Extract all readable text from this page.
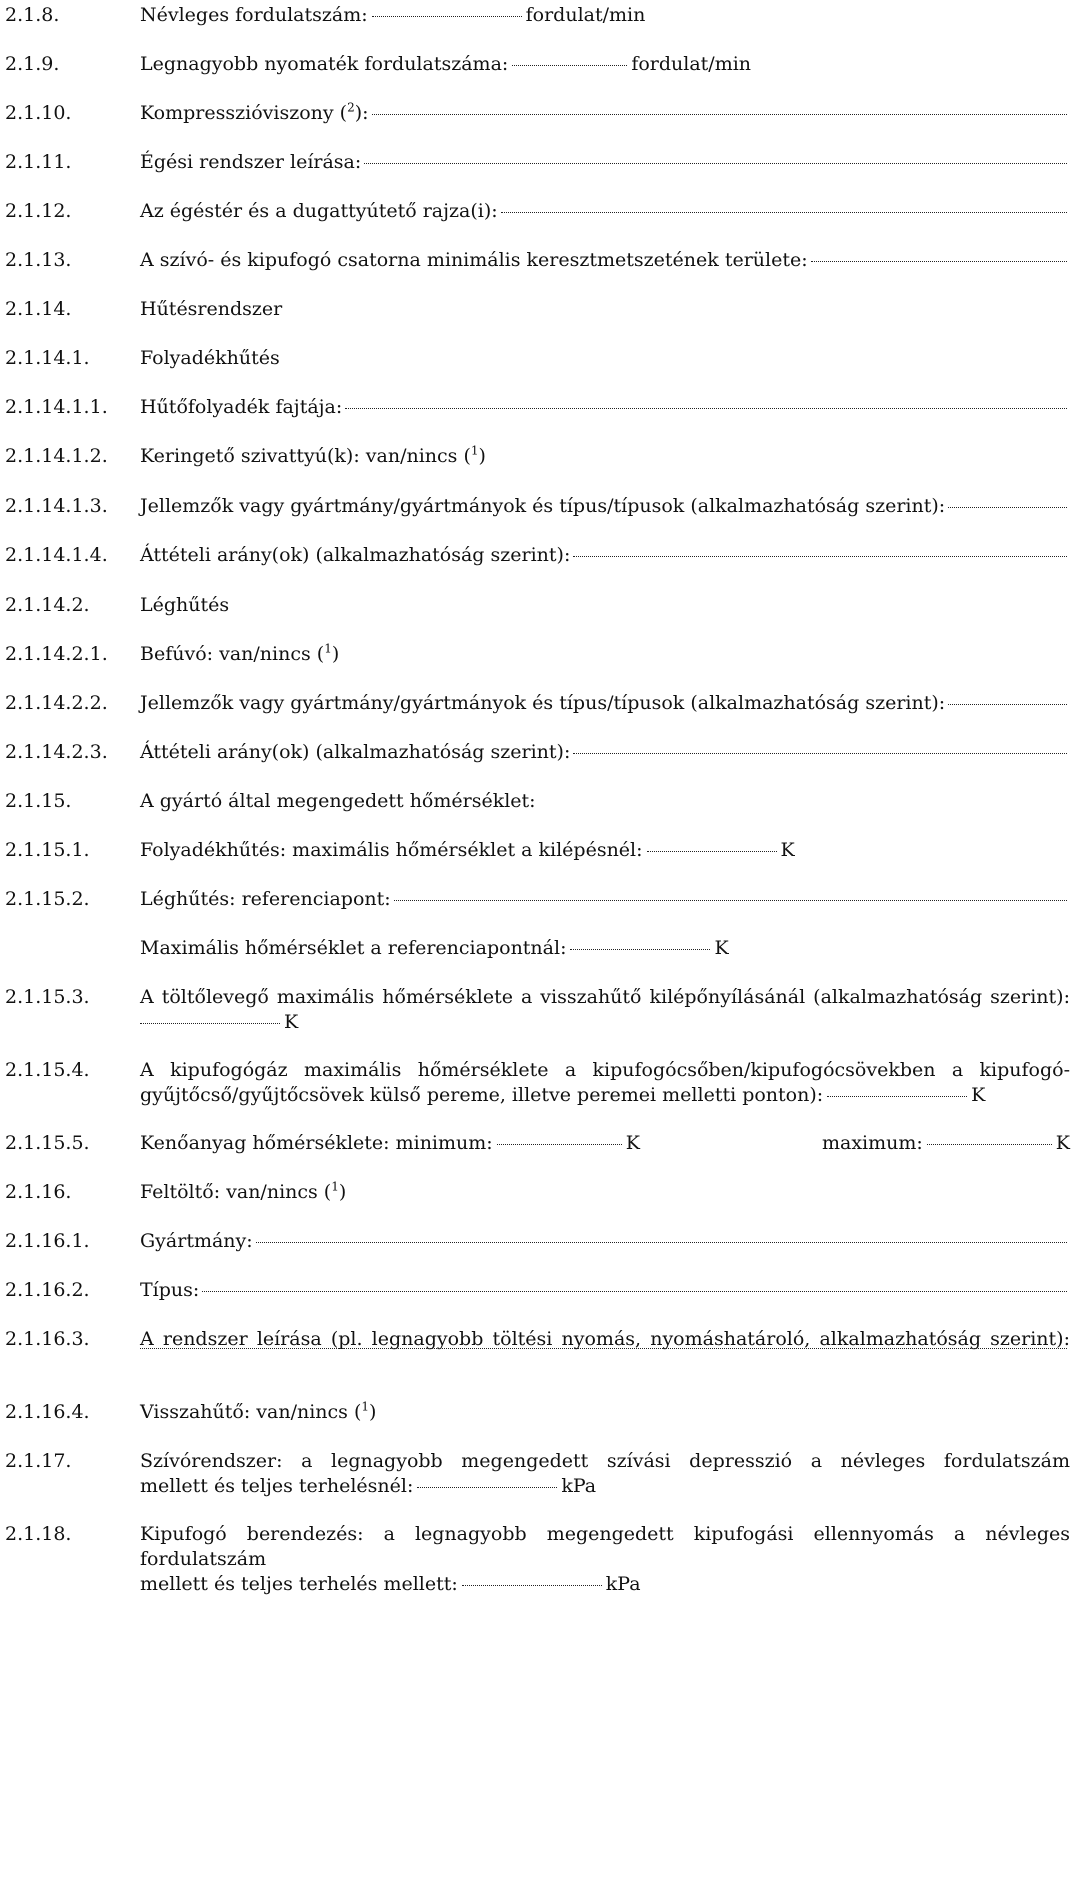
2.1.8.	Névleges fordulatszám:	fordulat/min
2.1.9.	Legnagyobb nyomaték fordulatszáma:	fordulat/min
2.1.10.	Kompresszióviszony ($^2$):
2.1.11.	Égési rendszer leírása:
2.1.12.	Az égéstér és a dugattyútető rajza(i):
2.1.13.	A szívó- és kipufogó csatorna minimális keresztmetszetének területe:
2.1.14.	Hűtésrendszer
2.1.14.1.	Folyadékhűtés
2.1.14.1.1.	Hűtőfolyadék fajtája:
2.1.14.1.2.	Keringető szivattyú(k): van/nincs ($^1$)
2.1.14.1.3.	Jellemzők vagy gyártmány/gyártmányok és típus/típusok (alkalmazhatóság szerint):
2.1.14.1.4.	Áttételi arány(ok) (alkalmazhatóság szerint):
2.1.14.2.	Léghűtés
2.1.14.2.1.	Befúvó: van/nincs ($^1$)
2.1.14.2.2.	Jellemzők vagy gyártmány/gyártmányok és típus/típusok (alkalmazhatóság szerint):
2.1.14.2.3.	Áttételi arány(ok) (alkalmazhatóság szerint):
2.1.15.	A gyártó által megengedett hőmérséklet:
2.1.15.1.	Folyadékhűtés: maximális hőmérséklet a kilépésnél:	K
2.1.15.2.	Léghűtés: referenciapont:
Maximális hőmérséklet a referenciapontnál:	K
2.1.15.3.	A töltőlevegő maximális hőmérséklete a visszahűtő kilépőnyílásánál (alkalmazhatóság szerint):
K
2.1.15.4.	A kipufogógáz maximális hőmérséklete a kipufogócsőben/kipufogócsövekben a kipufogó-
gyűjtőcső/gyűjtőcsövek külső pereme, illetve peremei melletti ponton):	K
2.1.15.5.	Kenőanyag hőmérséklete: minimum:	K	maximum:	K
2.1.16.	Feltöltő: van/nincs ($^1$)
2.1.16.1.	Gyártmány:
2.1.16.2.	Típus:
2.1.16.3.	A rendszer leírása (pl. legnagyobb töltési nyomás, nyomáshatároló, alkalmazhatóság szerint):
2.1.16.4.	Visszahűtő: van/nincs ($^1$)
2.1.17.	Szívórendszer: a legnagyobb megengedett szívási depresszió a névleges fordulatszám
mellett és teljes terhelésnél:	kPa
2.1.18.	Kipufogó berendezés: a legnagyobb megengedett kipufogási ellennyomás a névleges fordulatszám
mellett és teljes terhelés mellett:	kPa
